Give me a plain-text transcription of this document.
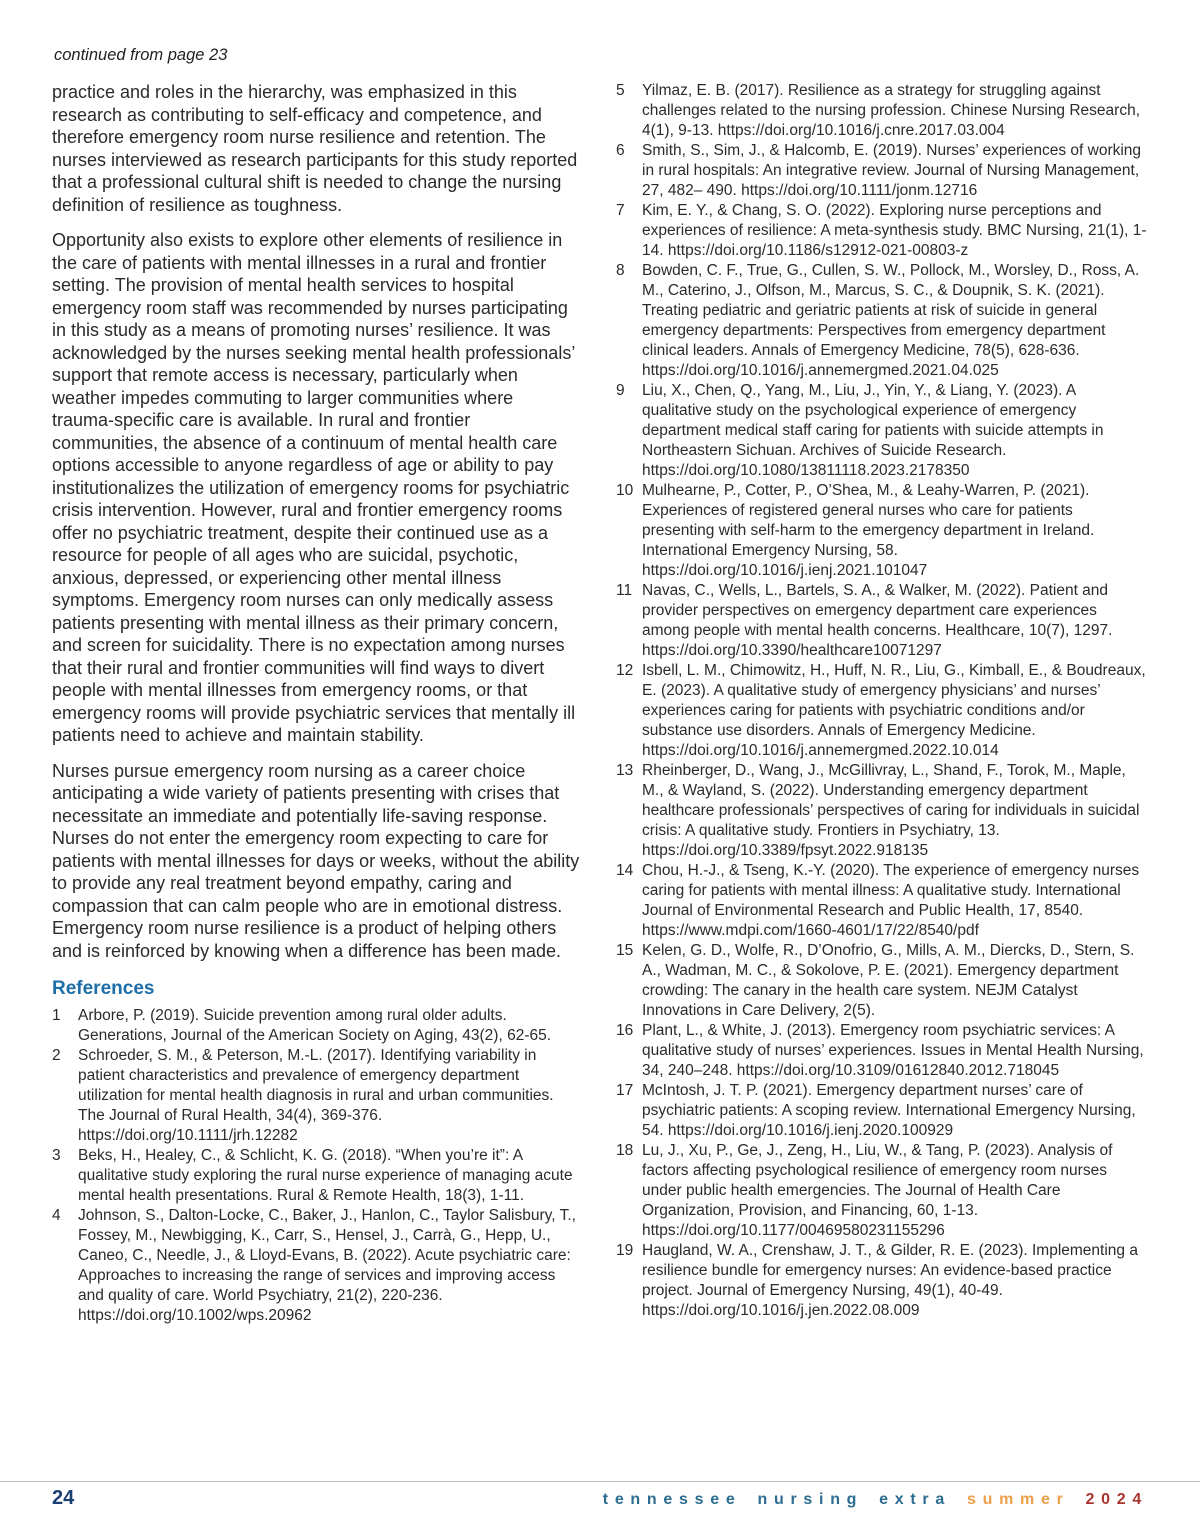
continued from page 23

practice and roles in the hierarchy, was emphasized in this research as contributing to self-efficacy and competence, and therefore emergency room nurse resilience and retention. The nurses interviewed as research participants for this study reported that a professional cultural shift is needed to change the nursing definition of resilience as toughness.

Opportunity also exists to explore other elements of resilience in the care of patients with mental illnesses in a rural and frontier setting. The provision of mental health services to hospital emergency room staff was recommended by nurses participating in this study as a means of promoting nurses’ resilience. It was acknowledged by the nurses seeking mental health professionals’ support that remote access is necessary, particularly when weather impedes commuting to larger communities where trauma-specific care is available. In rural and frontier communities, the absence of a continuum of mental health care options accessible to anyone regardless of age or ability to pay institutionalizes the utilization of emergency rooms for psychiatric crisis intervention. However, rural and frontier emergency rooms offer no psychiatric treatment, despite their continued use as a resource for people of all ages who are suicidal, psychotic, anxious, depressed, or experiencing other mental illness symptoms. Emergency room nurses can only medically assess patients presenting with mental illness as their primary concern, and screen for suicidality. There is no expectation among nurses that their rural and frontier communities will find ways to divert people with mental illnesses from emergency rooms, or that emergency rooms will provide psychiatric services that mentally ill patients need to achieve and maintain stability.

Nurses pursue emergency room nursing as a career choice anticipating a wide variety of patients presenting with crises that necessitate an immediate and potentially life-saving response. Nurses do not enter the emergency room expecting to care for patients with mental illnesses for days or weeks, without the ability to provide any real treatment beyond empathy, caring and compassion that can calm people who are in emotional distress. Emergency room nurse resilience is a product of helping others and is reinforced by knowing when a difference has been made.

References
1	Arbore, P. (2019). Suicide prevention among rural older adults. Generations, Journal of the American Society on Aging, 43(2), 62-65.
2	Schroeder, S. M., & Peterson, M.-L. (2017). Identifying variability in patient characteristics and prevalence of emergency department utilization for mental health diagnosis in rural and urban communities. The Journal of Rural Health, 34(4), 369-376. https://doi.org/10.1111/jrh.12282
3	Beks, H., Healey, C., & Schlicht, K. G. (2018). “When you’re it”: A qualitative study exploring the rural nurse experience of managing acute mental health presentations. Rural & Remote Health, 18(3), 1-11.
4	Johnson, S., Dalton-Locke, C., Baker, J., Hanlon, C., Taylor Salisbury, T., Fossey, M., Newbigging, K., Carr, S., Hensel, J., Carrà, G., Hepp, U., Caneo, C., Needle, J., & Lloyd-Evans, B. (2022). Acute psychiatric care: Approaches to increasing the range of services and improving access and quality of care. World Psychiatry, 21(2), 220-236. https://doi.org/10.1002/wps.20962
5	Yilmaz, E. B. (2017). Resilience as a strategy for struggling against challenges related to the nursing profession. Chinese Nursing Research, 4(1), 9-13. https://doi.org/10.1016/j.cnre.2017.03.004
6	Smith, S., Sim, J., & Halcomb, E. (2019). Nurses’ experiences of working in rural hospitals: An integrative review. Journal of Nursing Management, 27, 482– 490. https://doi.org/10.1111/jonm.12716
7	Kim, E. Y., & Chang, S. O. (2022). Exploring nurse perceptions and experiences of resilience: A meta-synthesis study. BMC Nursing, 21(1), 1-14. https://doi.org/10.1186/s12912-021-00803-z
8	Bowden, C. F., True, G., Cullen, S. W., Pollock, M., Worsley, D., Ross, A. M., Caterino, J., Olfson, M., Marcus, S. C., & Doupnik, S. K. (2021). Treating pediatric and geriatric patients at risk of suicide in general emergency departments: Perspectives from emergency department clinical leaders. Annals of Emergency Medicine, 78(5), 628-636. https://doi.org/10.1016/j.annemergmed.2021.04.025
9	Liu, X., Chen, Q., Yang, M., Liu, J., Yin, Y., & Liang, Y. (2023). A qualitative study on the psychological experience of emergency department medical staff caring for patients with suicide attempts in Northeastern Sichuan. Archives of Suicide Research. https://doi.org/10.1080/13811118.2023.2178350
10 Mulhearne, P., Cotter, P., O’Shea, M., & Leahy-Warren, P. (2021). Experiences of registered general nurses who care for patients presenting with self-harm to the emergency department in Ireland. International Emergency Nursing, 58. https://doi.org/10.1016/j.ienj.2021.101047
11 Navas, C., Wells, L., Bartels, S. A., & Walker, M. (2022). Patient and provider perspectives on emergency department care experiences among people with mental health concerns. Healthcare, 10(7), 1297. https://doi.org/10.3390/healthcare10071297
12 Isbell, L. M., Chimowitz, H., Huff, N. R., Liu, G., Kimball, E., & Boudreaux, E. (2023). A qualitative study of emergency physicians’ and nurses’ experiences caring for patients with psychiatric conditions and/or substance use disorders. Annals of Emergency Medicine. https://doi.org/10.1016/j.annemergmed.2022.10.014
13 Rheinberger, D., Wang, J., McGillivray, L., Shand, F., Torok, M., Maple, M., & Wayland, S. (2022). Understanding emergency department healthcare professionals’ perspectives of caring for individuals in suicidal crisis: A qualitative study. Frontiers in Psychiatry, 13. https://doi.org/10.3389/fpsyt.2022.918135
14 Chou, H.-J., & Tseng, K.-Y. (2020). The experience of emergency nurses caring for patients with mental illness: A qualitative study. International Journal of Environmental Research and Public Health, 17, 8540. https://www.mdpi.com/1660-4601/17/22/8540/pdf
15 Kelen, G. D., Wolfe, R., D’Onofrio, G., Mills, A. M., Diercks, D., Stern, S. A., Wadman, M. C., & Sokolove, P. E. (2021). Emergency department crowding: The canary in the health care system. NEJM Catalyst Innovations in Care Delivery, 2(5).
16 Plant, L., & White, J. (2013). Emergency room psychiatric services: A qualitative study of nurses’ experiences. Issues in Mental Health Nursing, 34, 240–248. https://doi.org/10.3109/01612840.2012.718045
17 McIntosh, J. T. P. (2021). Emergency department nurses’ care of psychiatric patients: A scoping review. International Emergency Nursing, 54. https://doi.org/10.1016/j.ienj.2020.100929
18 Lu, J., Xu, P., Ge, J., Zeng, H., Liu, W., & Tang, P. (2023). Analysis of factors affecting psychological resilience of emergency room nurses under public health emergencies. The Journal of Health Care Organization, Provision, and Financing, 60, 1-13. https://doi.org/10.1177/00469580231155296
19 Haugland, W. A., Crenshaw, J. T., & Gilder, R. E. (2023). Implementing a resilience bundle for emergency nurses: An evidence-based practice project. Journal of Emergency Nursing, 49(1), 40-49. https://doi.org/10.1016/j.jen.2022.08.009
24	tennessee nursing extra summer 2024
